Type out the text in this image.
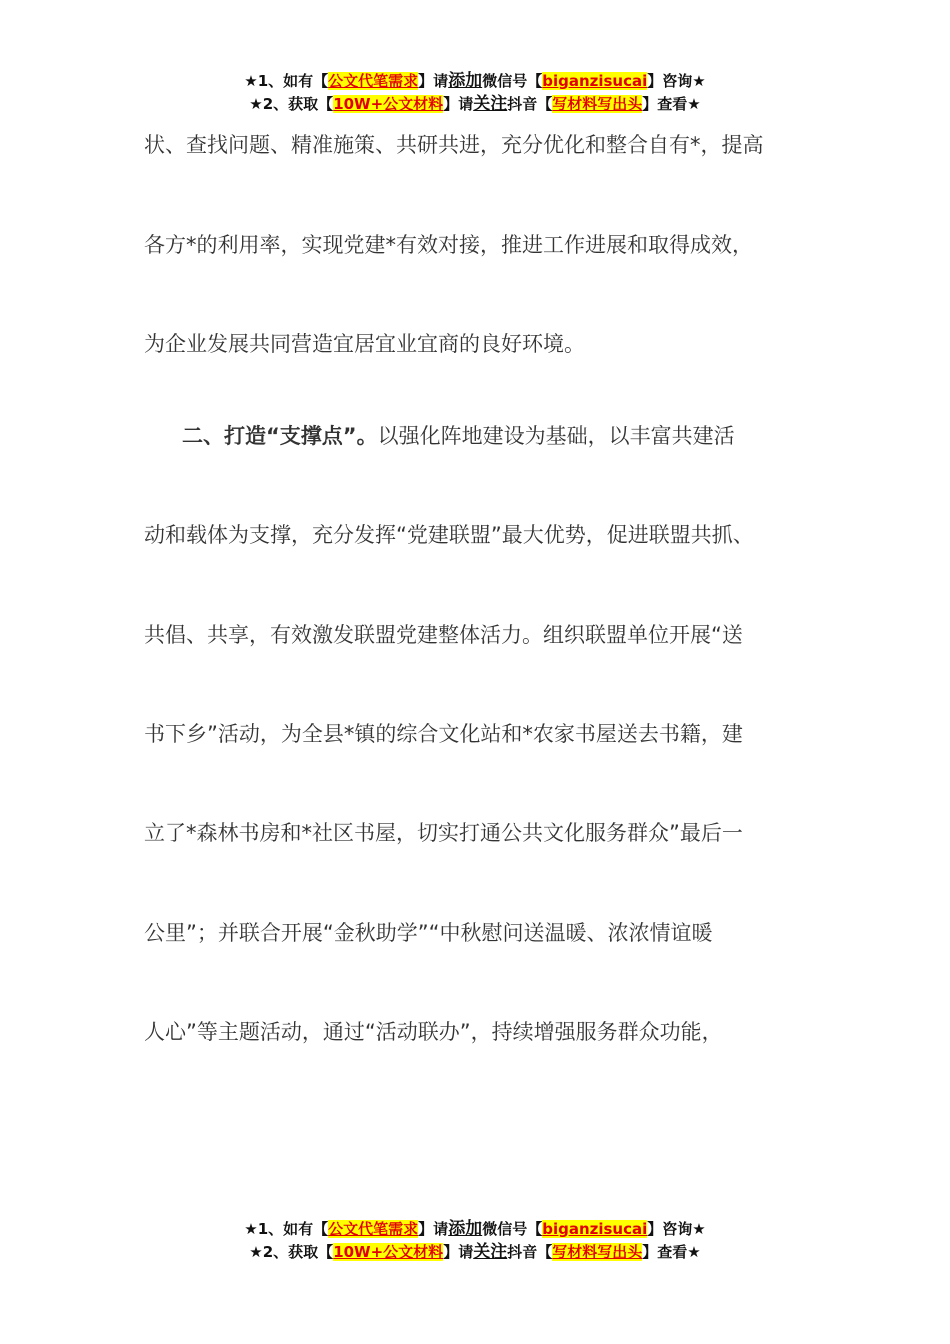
★1、如有【公文代笔需求】请添加微信号【biganzisucai】咨询★
★2、获取【10W+公文材料】请关注抖音【写材料写出头】查看★
状、查找问题、精准施策、共研共进，充分优化和整合自有*，提高
各方*的利用率，实现党建*有效对接，推进工作进展和取得成效，
为企业发展共同营造宜居宜业宜商的良好环境。
二、打造“支撑点”。以强化阵地建设为基础，以丰富共建活
动和载体为支撑，充分发挥“党建联盟”最大优势，促进联盟共抓、
共倡、共享，有效激发联盟党建整体活力。组织联盟单位开展“送
书下乡”活动，为全县*镇的综合文化站和*农家书屋送去书籍，建
立了*森林书房和*社区书屋，切实打通公共文化服务群众”最后一
公里”；并联合开展“金秋助学”“中秋慰问送温暖、浓浓情谊暖
人心”等主题活动，通过“活动联办”，持续增强服务群众功能，
★1、如有【公文代笔需求】请添加微信号【biganzisucai】咨询★
★2、获取【10W+公文材料】请关注抖音【写材料写出头】查看★
